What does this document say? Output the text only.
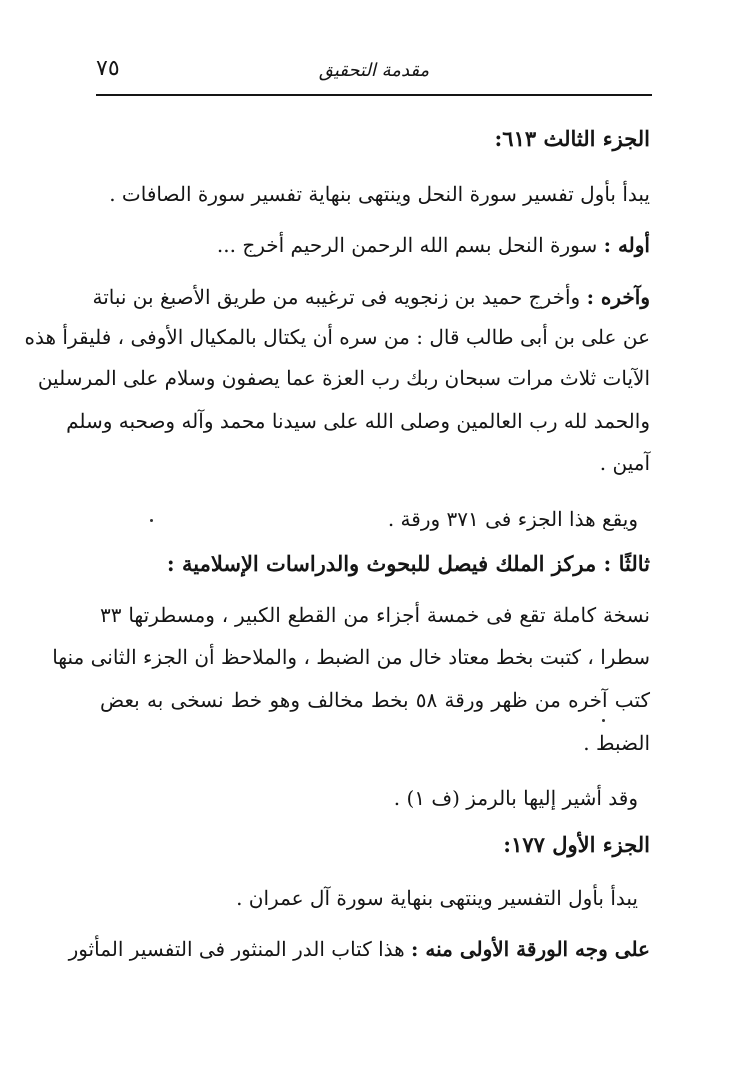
٧٥	مقدمة التحقيق
الجزء الثالث ٦١٣:
يبدأ بأول تفسير سورة النحل وينتهى بنهاية تفسير سورة الصافات .
أوله : سورة النحل بسم الله الرحمن الرحيم أخرج ...
وآخره : وأخرج حميد بن زنجويه فى ترغيبه من طريق الأصبغ بن نباتة
عن على بن أبى طالب قال : من سره أن يكتال بالمكيال الأوفى ، فليقرأ هذه
الآيات ثلاث مرات سبحان ربك رب العزة عما يصفون وسلام على المرسلين
والحمد لله رب العالمين وصلى الله على سيدنا محمد وآله وصحبه وسلم
آمين .
ويقع هذا الجزء فى ٣٧١ ورقة .
ثالثًا : مركز الملك فيصل للبحوث والدراسات الإسلامية :
نسخة كاملة تقع فى خمسة أجزاء من القطع الكبير ، ومسطرتها ٣٣
سطرا ، كتبت بخط معتاد خال من الضبط ، والملاحظ أن الجزء الثانى منها
كتب آخره من ظهر ورقة ٥٨ بخط مخالف وهو خط نسخى به بعض
الضبط .
وقد أشير إليها بالرمز (ف ١) .
الجزء الأول ١٧٧:
يبدأ بأول التفسير وينتهى بنهاية سورة آل عمران .
على وجه الورقة الأولى منه : هذا كتاب الدر المنثور فى التفسير المأثور
